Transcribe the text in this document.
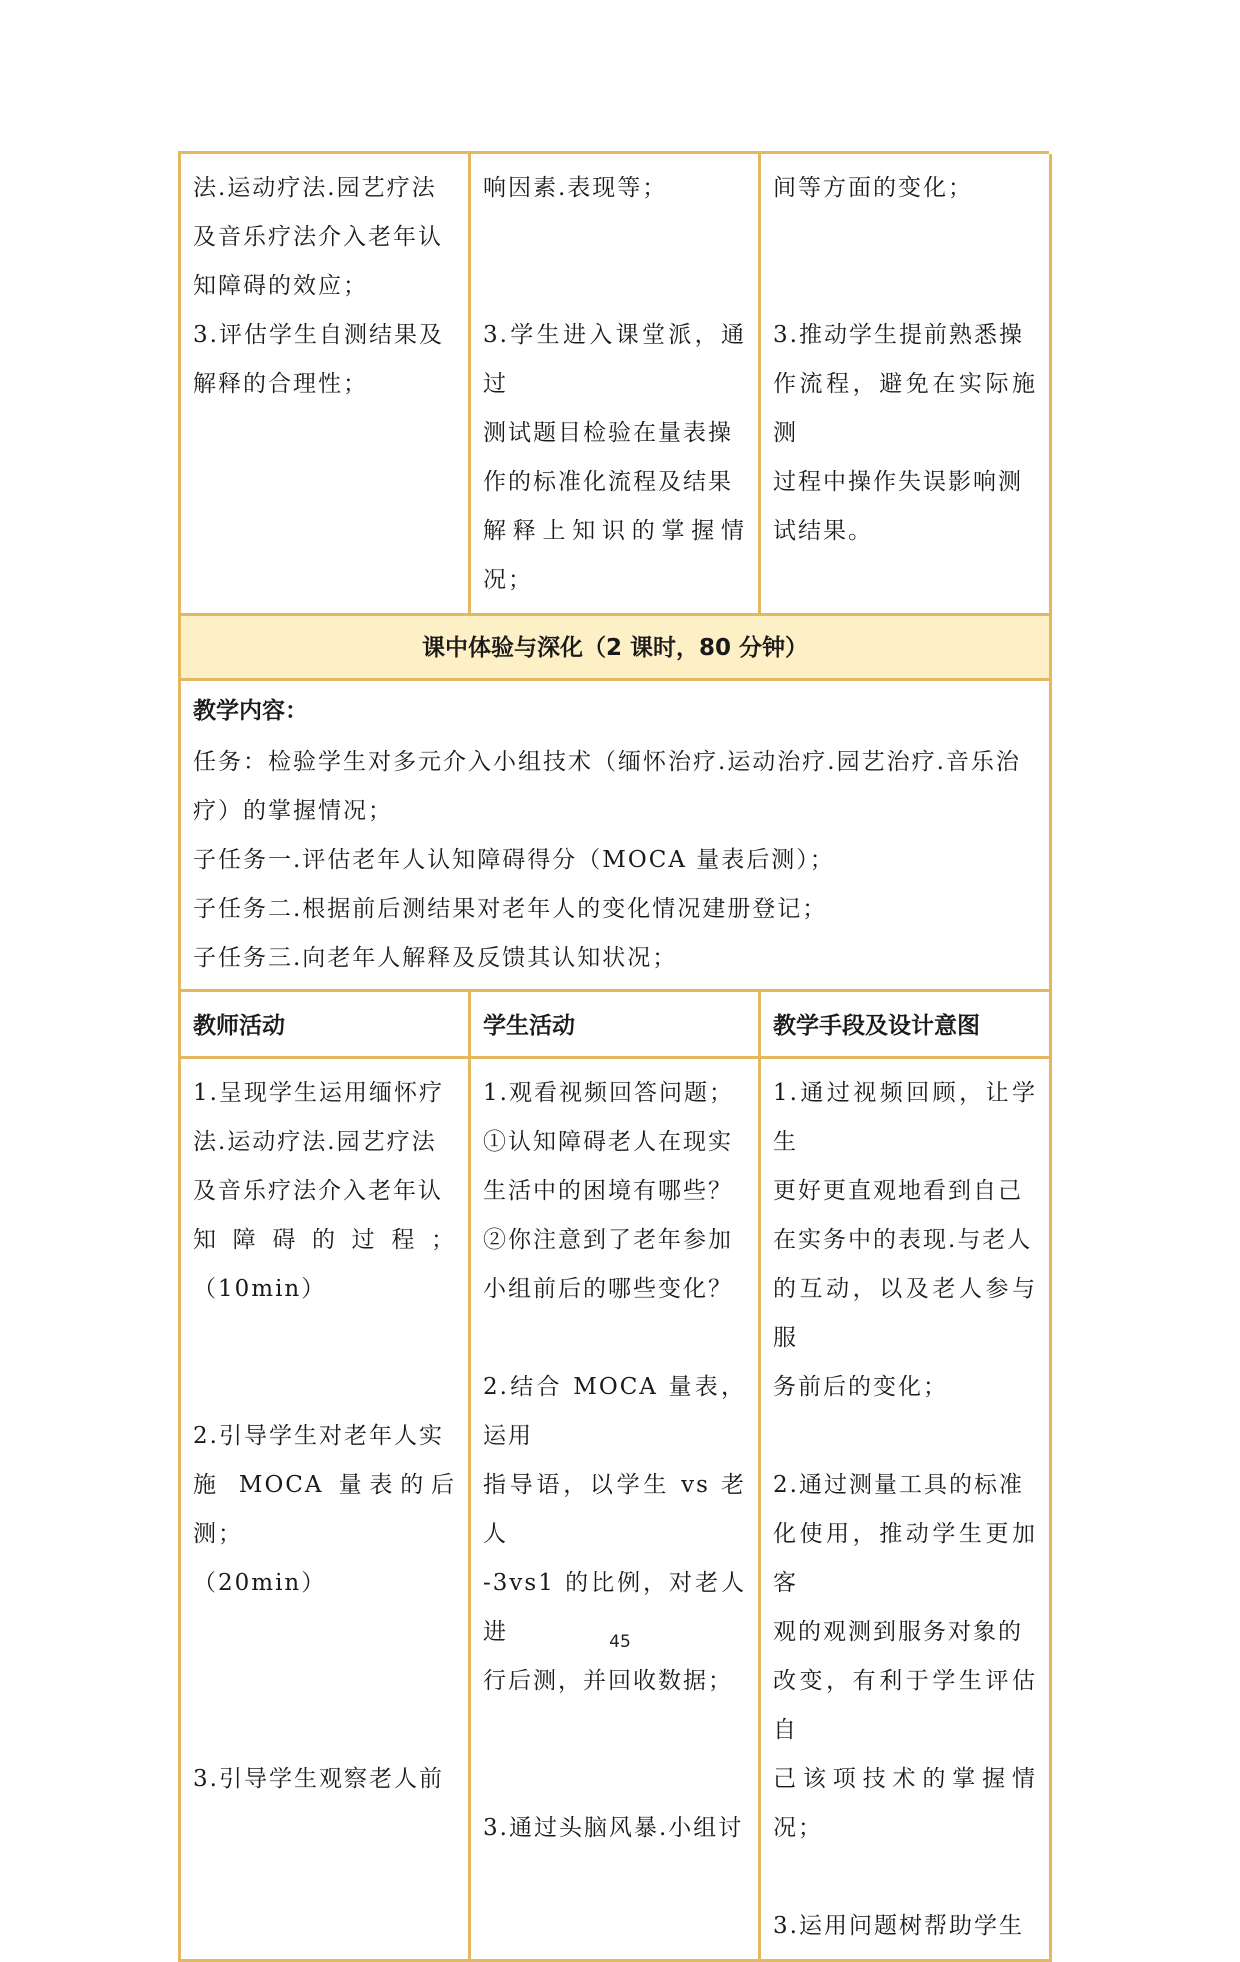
法.运动疗法.园艺疗法

及音乐疗法介入老年认

知障碍的效应；

3.评估学生自测结果及

解释的合理性；

响因素.表现等；

3.学生进入课堂派，通过

测试题目检验在量表操

作的标准化流程及结果

解释上知识的掌握情况；

间等方面的变化；

3.推动学生提前熟悉操

作流程，避免在实际施测

过程中操作失误影响测

试结果。

课中体验与深化（2 课时，80 分钟）
教学内容：

任务：检验学生对多元介入小组技术（缅怀治疗.运动治疗.园艺治疗.音乐治

疗）的掌握情况；

子任务一.评估老年人认知障碍得分（MOCA 量表后测）；

子任务二.根据前后测结果对老年人的变化情况建册登记；

子任务三.向老年人解释及反馈其认知状况；

教师活动	学生活动	教学手段及设计意图

1.呈现学生运用缅怀疗

法.运动疗法.园艺疗法

及音乐疗法介入老年认

知障碍的过程；（10min）

2.引导学生对老年人实

施 MOCA 量表的后测；

（20min）

3.引导学生观察老人前

1.观看视频回答问题；

①认知障碍老人在现实

生活中的困境有哪些？

②你注意到了老年参加

小组前后的哪些变化？

2.结合 MOCA 量表，运用

指导语，以学生 vs 老人

-3vs1 的比例，对老人进

行后测，并回收数据；

3.通过头脑风暴.小组讨

1.通过视频回顾，让学生

更好更直观地看到自己

在实务中的表现.与老人

的互动，以及老人参与服

务前后的变化；

2.通过测量工具的标准

化使用，推动学生更加客

观的观测到服务对象的

改变，有利于学生评估自

己该项技术的掌握情况；

3.运用问题树帮助学生

45
